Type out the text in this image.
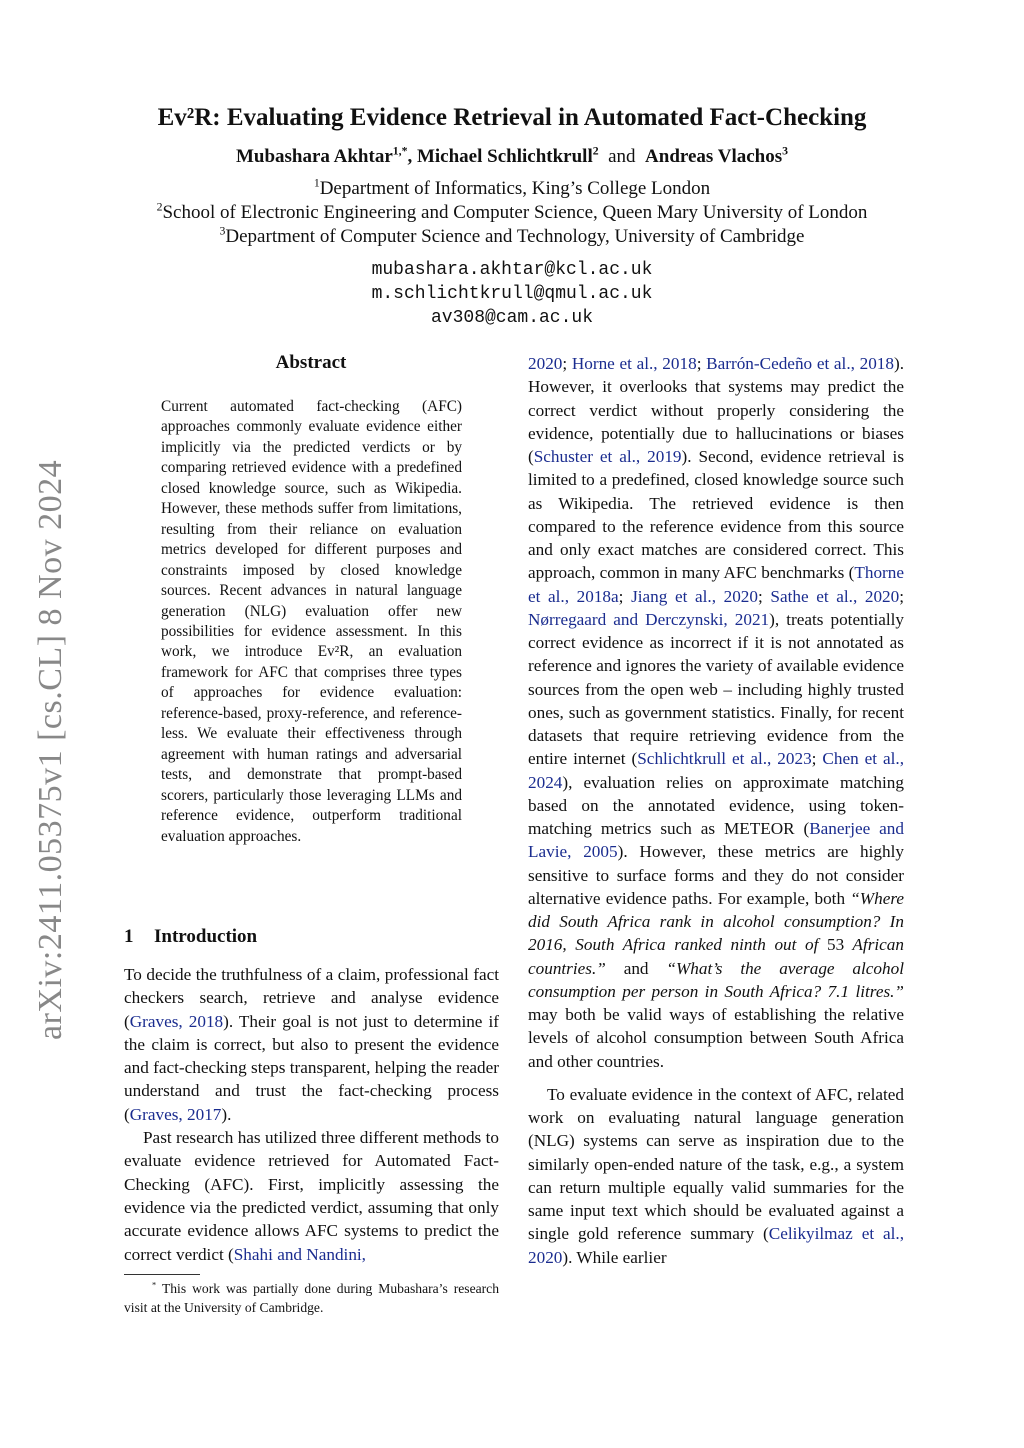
arXiv:2411.05375v1 [cs.CL] 8 Nov 2024
Ev²R: Evaluating Evidence Retrieval in Automated Fact-Checking
Mubashara Akhtar$^{1,*}$, Michael Schlichtkrull$^2$ and Andreas Vlachos$^3$
$^1$Department of Informatics, King’s College London
$^2$School of Electronic Engineering and Computer Science, Queen Mary University of London
$^3$Department of Computer Science and Technology, University of Cambridge
mubashara.akhtar@kcl.ac.uk
m.schlichtkrull@qmul.ac.uk
av308@cam.ac.uk
Abstract
Current automated fact-checking (AFC) approaches commonly evaluate evidence either implicitly via the predicted verdicts or by comparing retrieved evidence with a predefined closed knowledge source, such as Wikipedia. However, these methods suffer from limitations, resulting from their reliance on evaluation metrics developed for different purposes and constraints imposed by closed knowledge sources. Recent advances in natural language generation (NLG) evaluation offer new possibilities for evidence assessment. In this work, we introduce Ev²R, an evaluation framework for AFC that comprises three types of approaches for evidence evaluation: reference-based, proxy-reference, and reference-less. We evaluate their effectiveness through agreement with human ratings and adversarial tests, and demonstrate that prompt-based scorers, particularly those leveraging LLMs and reference evidence, outperform traditional evaluation approaches.
1 Introduction

To decide the truthfulness of a claim, professional fact checkers search, retrieve and analyse evidence (Graves, 2018). Their goal is not just to determine if the claim is correct, but also to present the evidence and fact-checking steps transparent, helping the reader understand and trust the fact-checking process (Graves, 2017).

Past research has utilized three different methods to evaluate evidence retrieved for Automated Fact-Checking (AFC). First, implicitly assessing the evidence via the predicted verdict, assuming that only accurate evidence allows AFC systems to predict the correct verdict (Shahi and Nandini,

* This work was partially done during Mubashara’s research visit at the University of Cambridge.

2020; Horne et al., 2018; Barrón-Cedeño et al., 2018). However, it overlooks that systems may predict the correct verdict without properly considering the evidence, potentially due to hallucinations or biases (Schuster et al., 2019). Second, evidence retrieval is limited to a predefined, closed knowledge source such as Wikipedia. The retrieved evidence is then compared to the reference evidence from this source and only exact matches are considered correct. This approach, common in many AFC benchmarks (Thorne et al., 2018a; Jiang et al., 2020; Sathe et al., 2020; Nørregaard and Derczynski, 2021), treats potentially correct evidence as incorrect if it is not annotated as reference and ignores the variety of available evidence sources from the open web – including highly trusted ones, such as government statistics. Finally, for recent datasets that require retrieving evidence from the entire internet (Schlichtkrull et al., 2023; Chen et al., 2024), evaluation relies on approximate matching based on the annotated evidence, using token-matching metrics such as METEOR (Banerjee and Lavie, 2005). However, these metrics are highly sensitive to surface forms and they do not consider alternative evidence paths. For example, both “Where did South Africa rank in alcohol consumption? In 2016, South Africa ranked ninth out of 53 African countries.” and “What’s the average alcohol consumption per person in South Africa? 7.1 litres.” may both be valid ways of establishing the relative levels of alcohol consumption between South Africa and other countries.

To evaluate evidence in the context of AFC, related work on evaluating natural language generation (NLG) systems can serve as inspiration due to the similarly open-ended nature of the task, e.g., a system can return multiple equally valid summaries for the same input text which should be evaluated against a single gold reference summary (Celikyilmaz et al., 2020). While earlier
